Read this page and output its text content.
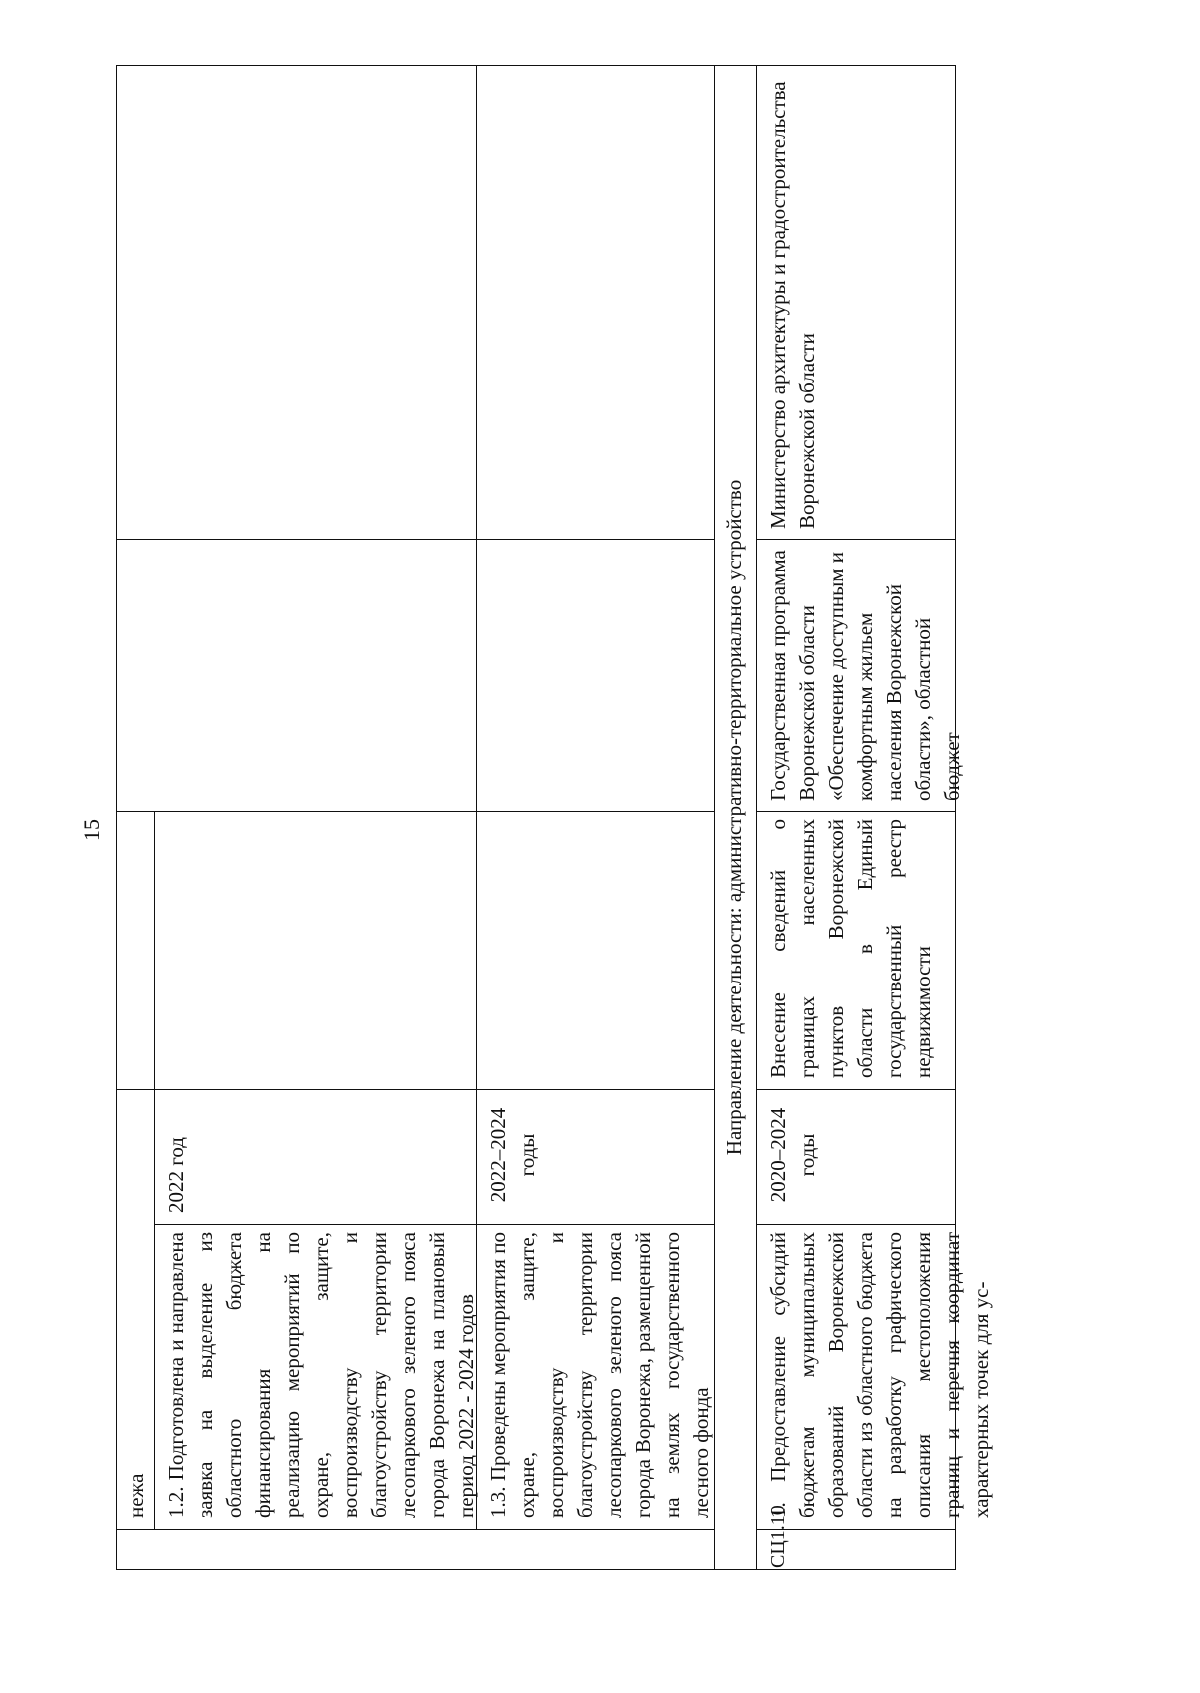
15
нежа 1.2. Подготовлена и направлена заявка на выделение из областного бюджета финансирования на реализацию мероприятий по охране, защите, воспроизводству и благоустройству территории лесопаркового зеленого пояса города Воронежа на плановый период 2022 - 2024 годов
2022 год
1.3. Проведены мероприятия по охране, защите, воспроизводству и благоустройству территории лесопаркового зеленого пояса города Воронежа, размещенной на землях государственного лесного фонда
2022–2024 годы	Направление деятельности: административно-территориальное устройство
СЦ1.10
1. Предоставление субсидий бюджетам муниципальных образований Воронежской области из областного бюджета на разработку графического описания местоположения границ и перечня координат характерных точек для ус-
2020–2024 годы
Внесение сведений о границах населенных пунктов Воронежской области в Единый государственный реестр недвижимости
Государственная программа Воронежской области «Обеспечение доступным и комфортным жильем населения Воронежской области», областной бюджет
Министерство архитектуры и градостроительства Воронежской области
